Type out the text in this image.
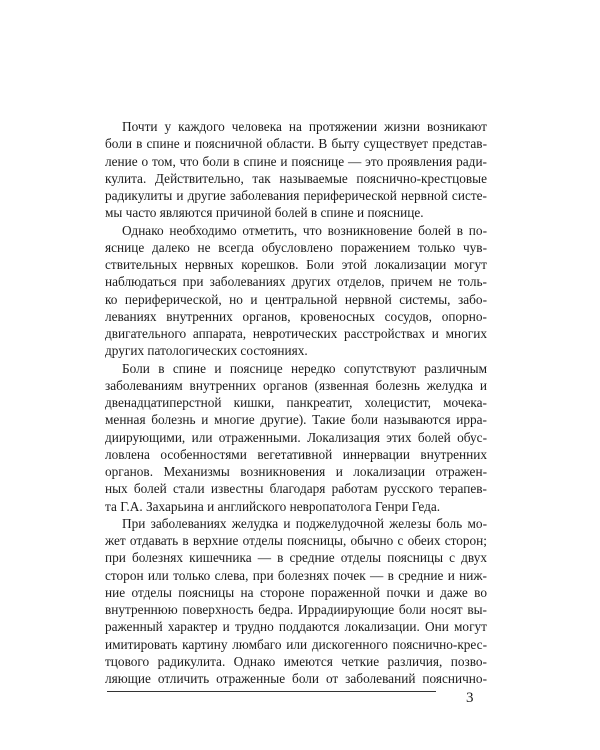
Почти у каждого человека на протяжении жизни возникают
боли в спине и поясничной области. В быту существует представ-
ление о том, что боли в спине и пояснице — это проявления ради-
кулита. Действительно, так называемые пояснично-крестцовые
радикулиты и другие заболевания периферической нервной систе-
мы часто являются причиной болей в спине и пояснице.

Однако необходимо отметить, что возникновение болей в по-
яснице далеко не всегда обусловлено поражением только чув-
ствительных нервных корешков. Боли этой локализации могут
наблюдаться при заболеваниях других отделов, причем не толь-
ко периферической, но и центральной нервной системы, забо-
леваниях внутренних органов, кровеносных сосудов, опорно-
двигательного аппарата, невротических расстройствах и многих
других патологических состояниях.

Боли в спине и пояснице нередко сопутствуют различным
заболеваниям внутренних органов (язвенная болезнь желудка и
двенадцатиперстной кишки, панкреатит, холецистит, мочека-
менная болезнь и многие другие). Такие боли называются ирра-
диирующими, или отраженными. Локализация этих болей обус-
ловлена особенностями вегетативной иннервации внутренних
органов. Механизмы возникновения и локализации отражен-
ных болей стали известны благодаря работам русского терапев-
та Г.А. Захарьина и английского невропатолога Генри Геда.

При заболеваниях желудка и поджелудочной железы боль мо-
жет отдавать в верхние отделы поясницы, обычно с обеих сторон;
при болезнях кишечника — в средние отделы поясницы с двух
сторон или только слева, при болезнях почек — в средние и ниж-
ние отделы поясницы на стороне пораженной почки и даже во
внутреннюю поверхность бедра. Иррадиирующие боли носят вы-
раженный характер и трудно поддаются локализации. Они могут
имитировать картину люмбаго или дискогенного пояснично-крес-
тцового радикулита. Однако имеются четкие различия, позво-
ляющие отличить отраженные боли от заболеваний пояснично-

3
